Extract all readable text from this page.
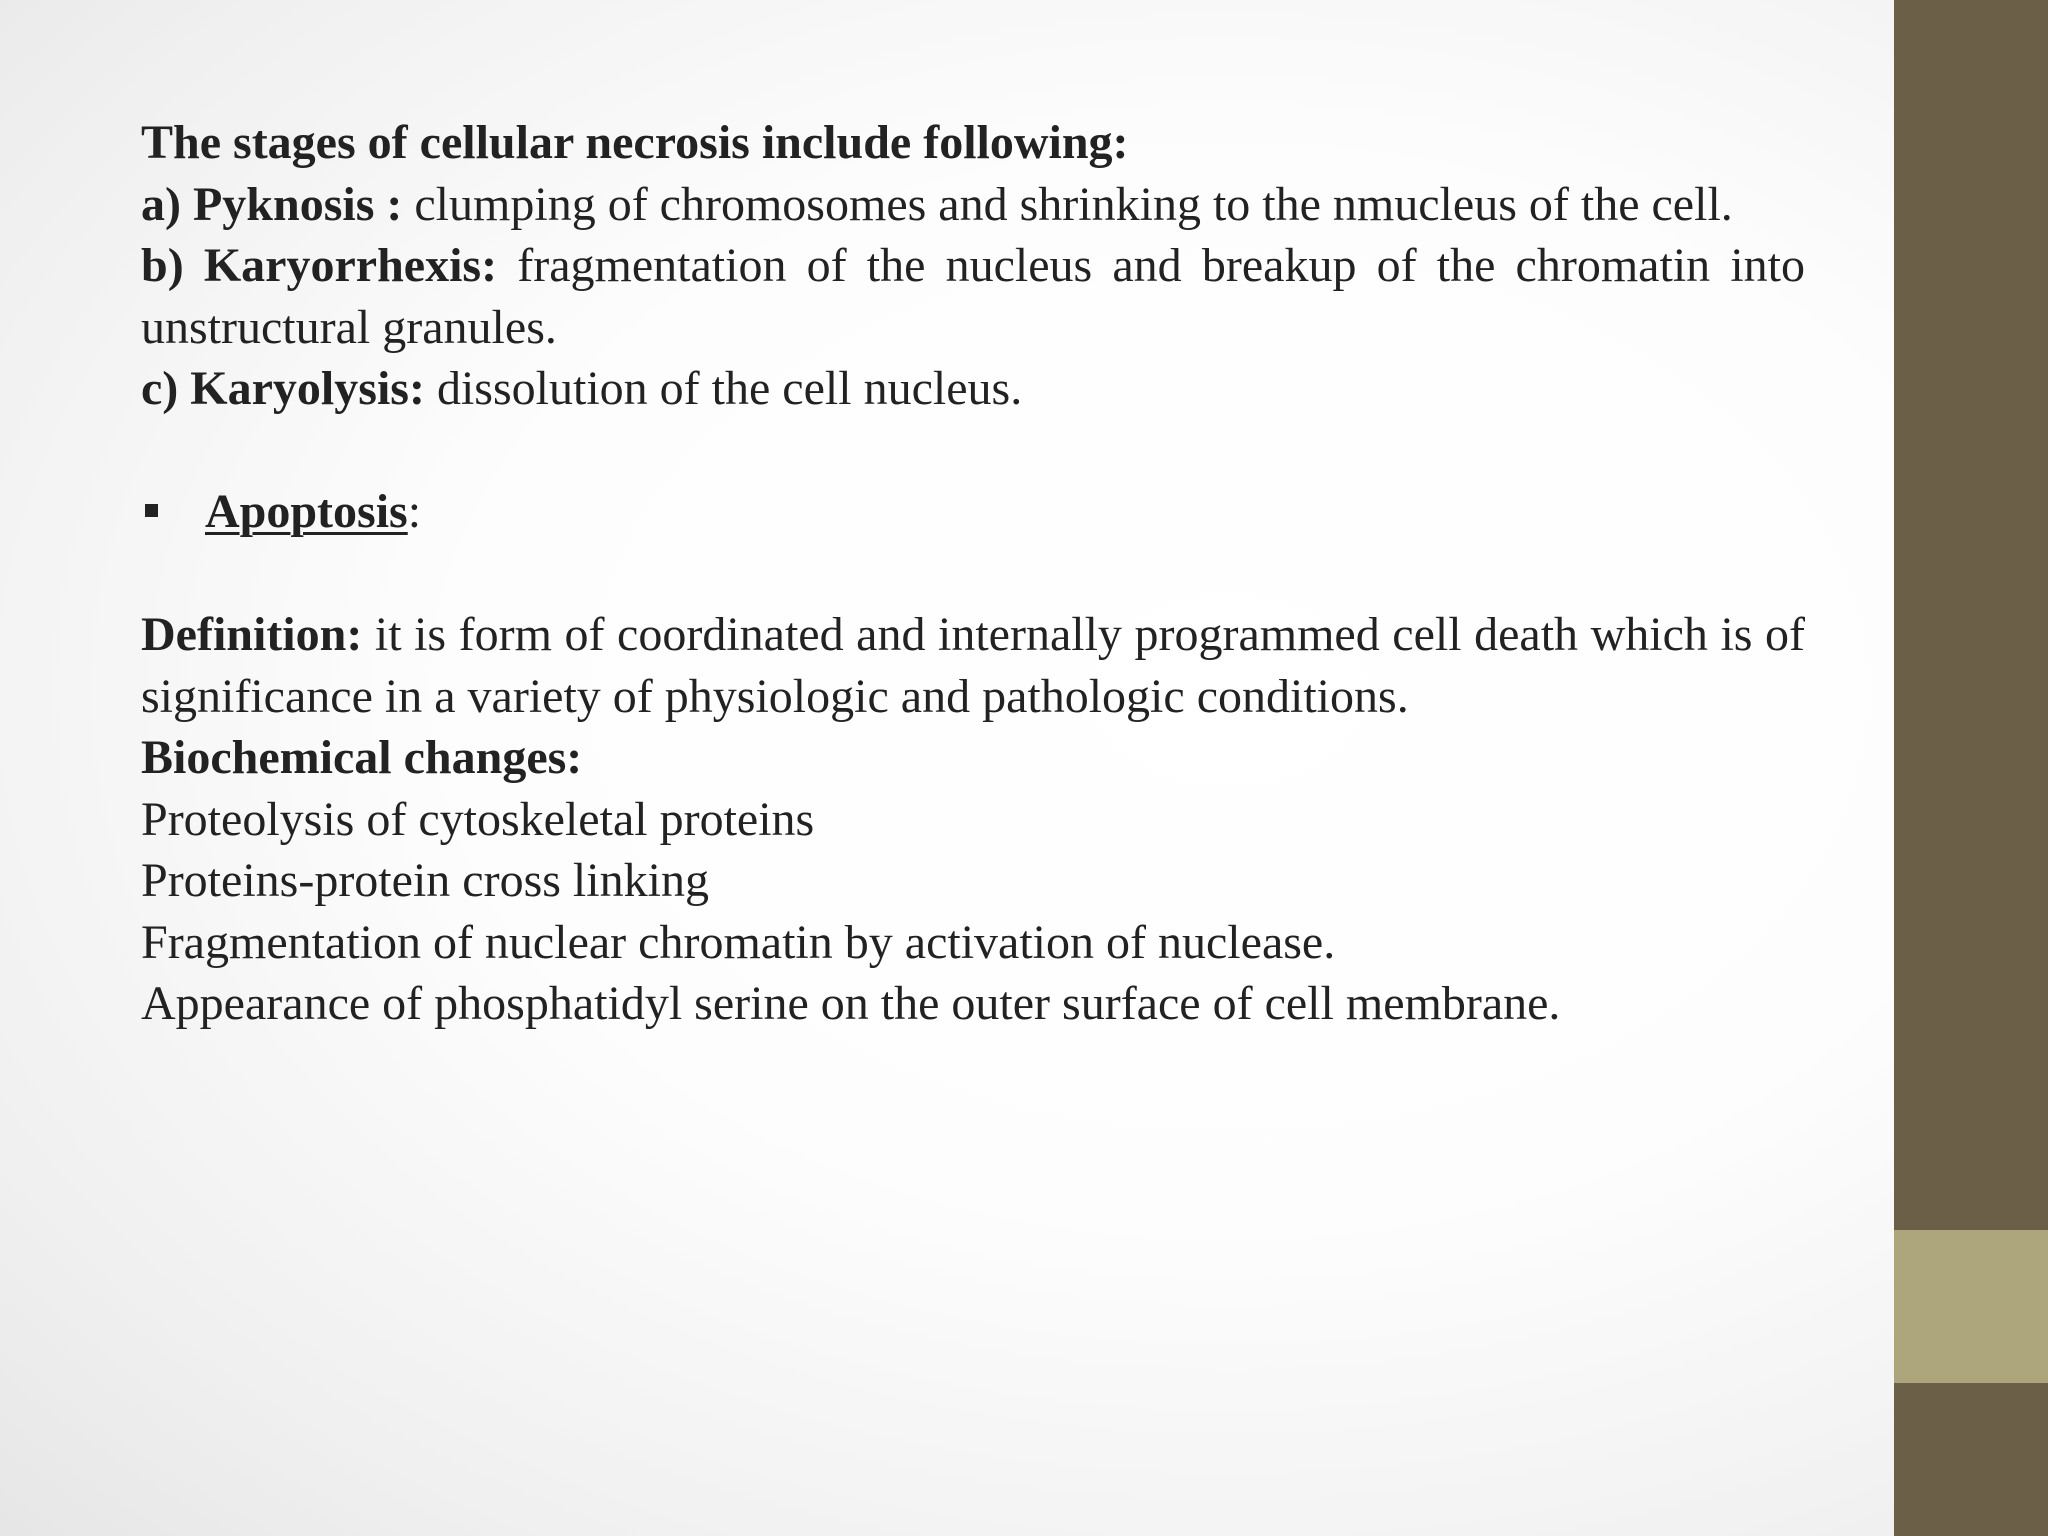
The stages of cellular necrosis include following:
a) Pyknosis : clumping of chromosomes and shrinking to the nmucleus of the cell.
b) Karyorrhexis: fragmentation of the nucleus and breakup of the chromatin into unstructural granules.
c) Karyolysis: dissolution of the cell nucleus.
Apoptosis:
Definition: it is form of coordinated and internally programmed cell death which is of significance in a variety of physiologic and pathologic conditions.
Biochemical changes:
Proteolysis of cytoskeletal proteins
Proteins-protein cross linking
Fragmentation of nuclear chromatin by activation of nuclease.
Appearance of phosphatidyl serine on the outer surface of cell membrane.
